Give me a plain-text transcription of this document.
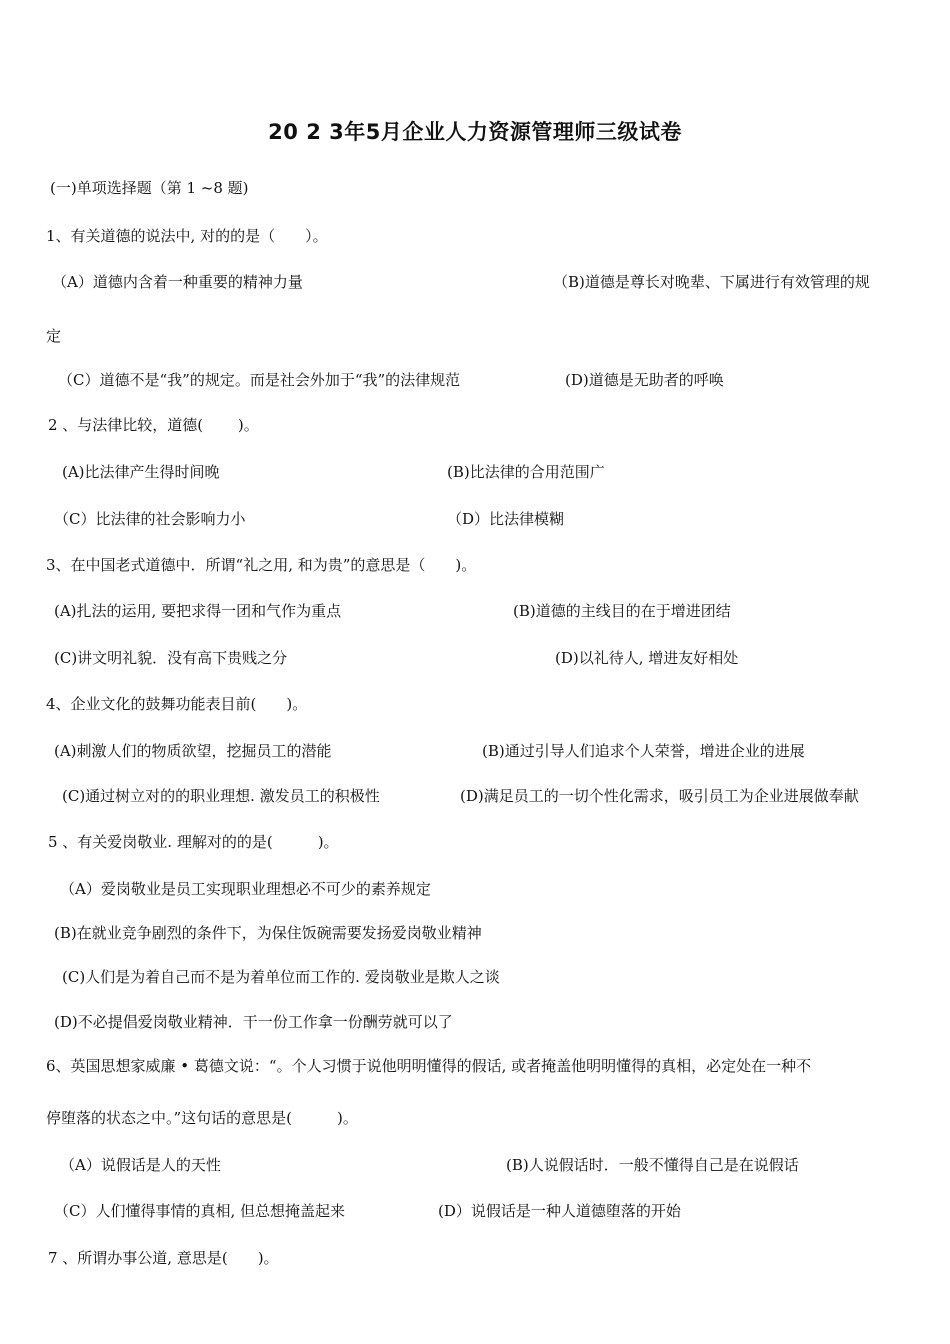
20 2 3年5月企业人力资源管理师三级试卷
(一)单项选择题（第 1 ~8 题)
1、有关道德的说法中, 对的的是（　　）。
（A）道德内含着一种重要的精神力量	（B)道德是尊长对晚辈、下属进行有效管理的规
定
（C）道德不是“我”的规定。而是社会外加于“我”的法律规范	(D)道德是无助者的呼唤
2 、与法律比较，道德(　　 )。
(A)比法律产生得时间晚	(B)比法律的合用范围广
（C）比法律的社会影响力小	（D）比法律模糊
3、在中国老式道德中．所谓“礼之用, 和为贵”的意思是（　　)。
(A)扎法的运用, 要把求得一团和气作为重点	(B)道德的主线目的在于增进团结
(C)讲文明礼貌．没有高下贵贱之分	(D)以礼待人, 增进友好相处
4、企业文化的鼓舞功能表目前(　　)。
(A)刺激人们的物质欲望，挖掘员工的潜能	(B)通过引导人们追求个人荣誉，增进企业的进展
(C)通过树立对的的职业理想. 激发员工的积极性	(D)满足员工的一切个性化需求，吸引员工为企业进展做奉献
5 、有关爱岗敬业. 理解对的的是(　　　)。
（A）爱岗敬业是员工实现职业理想必不可少的素养规定
(B)在就业竞争剧烈的条件下，为保住饭碗需要发扬爱岗敬业精神
(C)人们是为着自己而不是为着单位而工作的. 爱岗敬业是欺人之谈
(D)不必提倡爱岗敬业精神．干一份工作拿一份酬劳就可以了
6、英国思想家威廉 • 葛德文说：“。个人习惯于说他明明懂得的假话, 或者掩盖他明明懂得的真相，必定处在一种不
停堕落的状态之中。”这句话的意思是(　　　)。
（A）说假话是人的天性	(B)人说假话时．一般不懂得自己是在说假话
（C）人们懂得事情的真相, 但总想掩盖起来	(D）说假话是一种人道德堕落的开始
7 、所谓办事公道, 意思是(　　)。
